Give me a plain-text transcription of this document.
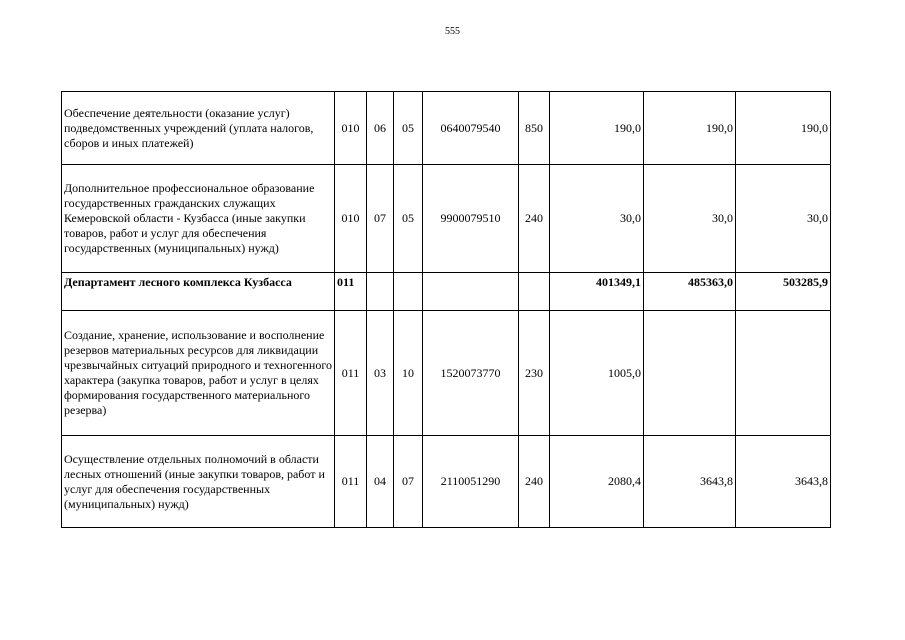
555
Обеспечение деятельности (оказание услуг) подведомственных учреждений (уплата налогов, сборов и иных платежей)	010	06	05	0640079540	850	190,0	190,0	190,0
Дополнительное профессиональное образование государственных гражданских служащих Кемеровской области - Кузбасса (иные закупки товаров, работ и услуг для обеспечения государственных (муниципальных) нужд)	010	07	05	9900079510	240	30,0	30,0	30,0
Департамент лесного комплекса Кузбасса	011					401349,1	485363,0	503285,9
Создание, хранение, использование и восполнение резервов материальных ресурсов для ликвидации чрезвычайных ситуаций природного и техногенного характера (закупка товаров, работ и услуг в целях формирования государственного материального резерва)	011	03	10	1520073770	230	1005,0		
Осуществление отдельных полномочий в области лесных отношений (иные закупки товаров, работ и услуг для обеспечения государственных (муниципальных) нужд)	011	04	07	2110051290	240	2080,4	3643,8	3643,8
